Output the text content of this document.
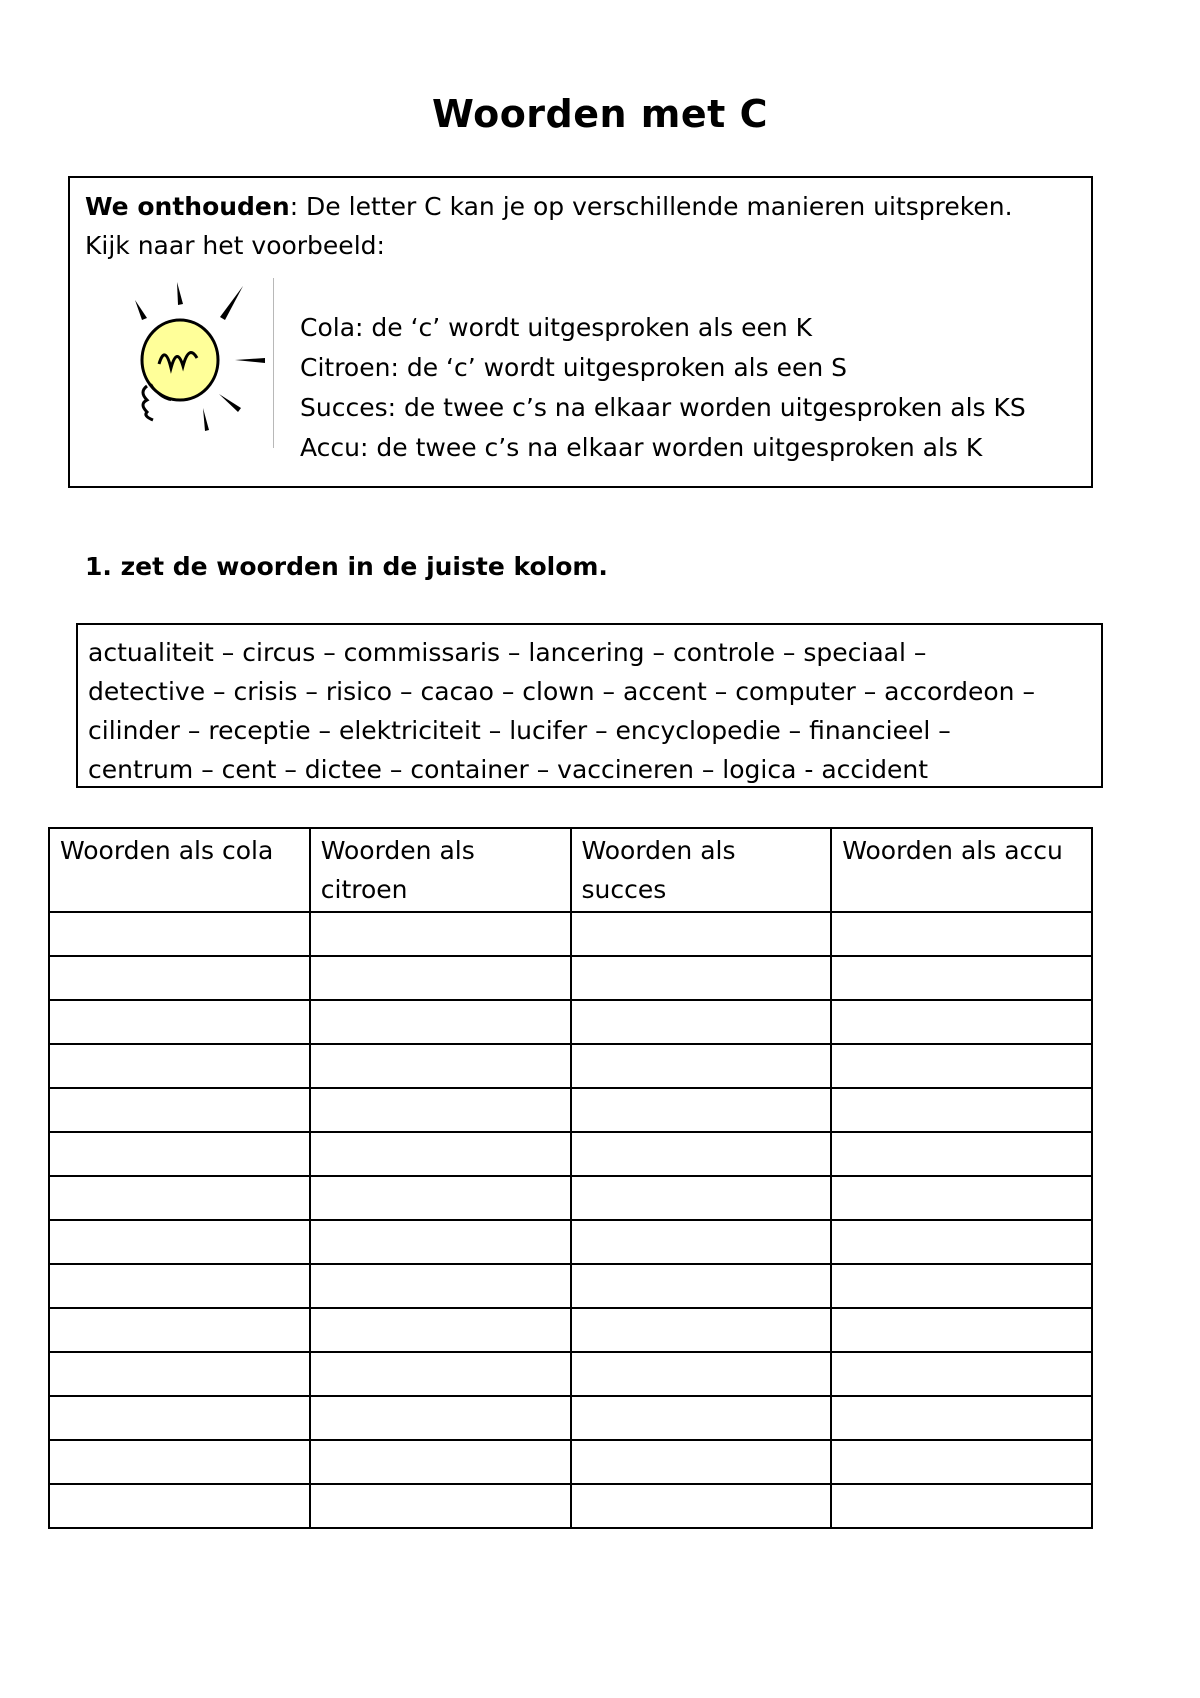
Woorden met C
We onthouden: De letter C kan je op verschillende manieren uitspreken.
Kijk naar het voorbeeld:
Cola: de ‘c’ wordt uitgesproken als een K
Citroen: de ‘c’ wordt uitgesproken als een S
Succes: de twee c’s na elkaar worden uitgesproken als KS
Accu: de twee c’s na elkaar worden uitgesproken als K
1. zet de woorden in de juiste kolom.
actualiteit – circus – commissaris – lancering – controle – speciaal –
detective – crisis – risico – cacao – clown – accent – computer – accordeon –
cilinder – receptie – elektriciteit – lucifer – encyclopedie – financieel –
centrum – cent – dictee – container – vaccineren – logica - accident
Woorden als cola	Woorden als citroen	Woorden als succes	Woorden als accu
